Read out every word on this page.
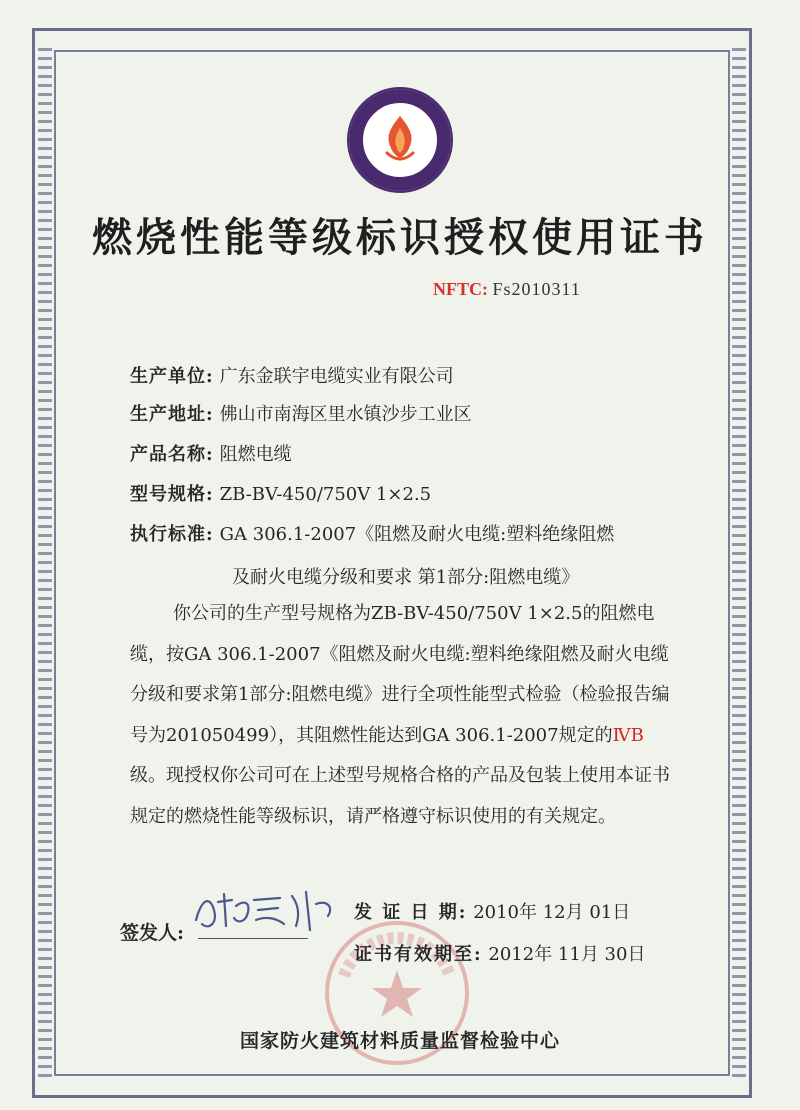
燃烧性能等级标识授权使用证书
NFTC: Fs2010311
生产单位: 广东金联宇电缆实业有限公司
生产地址: 佛山市南海区里水镇沙步工业区
产品名称: 阻燃电缆
型号规格: ZB-BV-450/750V 1×2.5
执行标准: GA 306.1-2007《阻燃及耐火电缆:塑料绝缘阻燃
及耐火电缆分级和要求 第1部分:阻燃电缆》

你公司的生产型号规格为ZB-BV-450/750V 1×2.5的阻燃电缆，按GA 306.1-2007《阻燃及耐火电缆:塑料绝缘阻燃及耐火电缆分级和要求第1部分:阻燃电缆》进行全项性能型式检验（检验报告编号为201050499），其阻燃性能达到GA 306.1-2007规定的ⅣB级。现授权你公司可在上述型号规格合格的产品及包装上使用本证书规定的燃烧性能等级标识，请严格遵守标识使用的有关规定。

签发人:
发 证 日 期: 2010年 12月 01日
证书有效期至: 2012年 11月 30日
国家防火建筑材料质量监督检验中心
